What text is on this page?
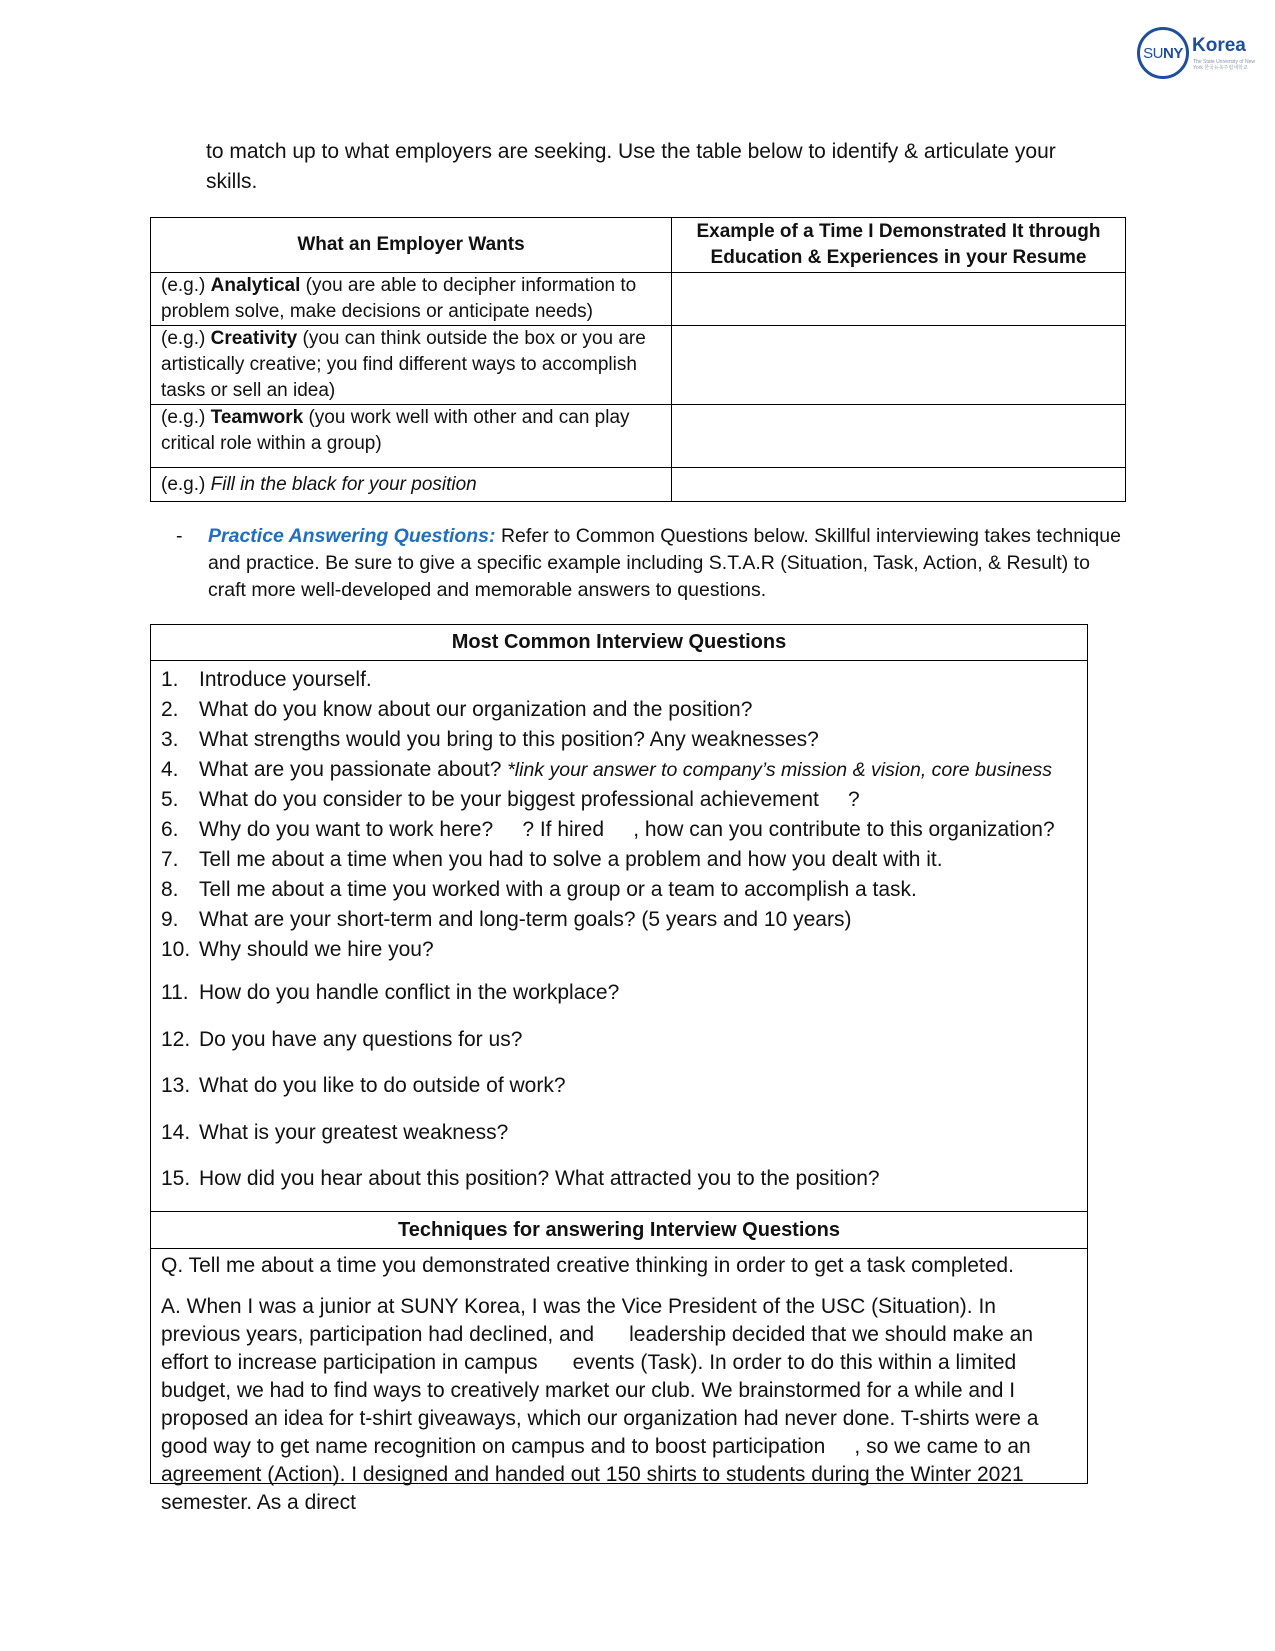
SU NY Korea
The State University of New York 한국뉴욕주립대학교
to match up to what employers are seeking. Use the table below to identify & articulate your skills.
What an Employer Wants	Example of a Time I Demonstrated It through Education & Experiences in your Resume
(e.g.) Analytical (you are able to decipher information to problem solve, make decisions or anticipate needs)	
(e.g.) Creativity (you can think outside the box or you are artistically creative; you find different ways to accomplish tasks or sell an idea)	
(e.g.) Teamwork (you work well with other and can play critical role within a group)	
(e.g.) Fill in the black for your position	
- Practice Answering Questions: Refer to Common Questions below. Skillful interviewing takes technique and practice. Be sure to give a specific example including S.T.A.R (Situation, Task, Action, & Result) to craft more well-developed and memorable answers to questions.
Most Common Interview Questions
1. Introduce yourself.
2. What do you know about our organization and the position?
3. What strengths would you bring to this position? Any weaknesses?
4. What are you passionate about? *link your answer to company’s mission & vision, core business
5. What do you consider to be your biggest professional achievement     ?
6. Why do you want to work here?     ? If hired     , how can you contribute to this organization?
7. Tell me about a time when you had to solve a problem and how you dealt with it.
8. Tell me about a time you worked with a group or a team to accomplish a task.
9. What are your short-term and long-term goals? (5 years and 10 years)
10. Why should we hire you?
11. How do you handle conflict in the workplace?
12. Do you have any questions for us?
13. What do you like to do outside of work?
14. What is your greatest weakness?
15. How did you hear about this position? What attracted you to the position?
Techniques for answering Interview Questions
Q. Tell me about a time you demonstrated creative thinking in order to get a task completed.
A. When I was a junior at SUNY Korea, I was the Vice President of the USC (Situation). In previous years, participation had declined, and      leadership decided that we should make an effort to increase participation in campus      events (Task). In order to do this within a limited budget, we had to find ways to creatively market our club. We brainstormed for a while and I proposed an idea for t-shirt giveaways, which our organization had never done. T-shirts were a good way to get name recognition on campus and to boost participation     , so we came to an agreement (Action). I designed and handed out 150 shirts to students during the Winter 2021 semester. As a direct
